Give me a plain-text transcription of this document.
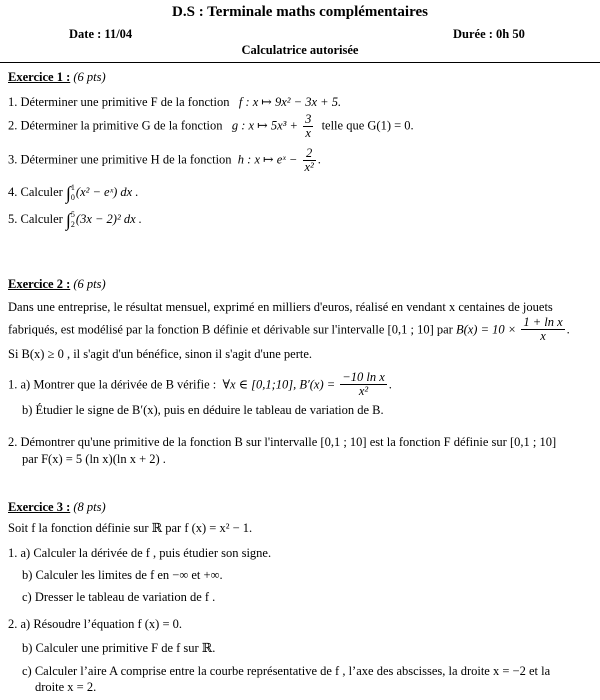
D.S : Terminale maths complémentaires
Date : 11/04	Durée : 0h 50
Calculatrice autorisée
Exercice 1 : (6 pts)
1. Déterminer une primitive F de la fonction f : x ↦ 9x² − 3x + 5.
2. Déterminer la primitive G de la fonction g : x ↦ $5x^3 + \frac{3}{x}$ telle que G(1) = 0.
3. Déterminer une primitive H de la fonction h : x ↦ eˣ − $\frac{2}{\text{x²}}$ .
4. Calculer ∫ 1
0 (x² − eˣ) dx .
5. Calculer ∫ 5
2 (3x − 2)² dx .
Exercice 2 : (6 pts)
Dans une entreprise, le résultat mensuel, exprimé en milliers d'euros, réalisé en vendant x centaines de jouets
fabriqués, est modélisé par la fonction B définie et dérivable sur l'intervalle [0,1 ; 10] par $B(x) = 10 \times \frac{\text{1 + ln x}}{x}$ .
Si B(x) ≥ 0 , il s'agit d'un bénéfice, sinon il s'agit d'une perte.
1. a) Montrer que la dérivée de B vérifie : ∀x ∈ [0,1;10], $B'(x) = \frac{\text{−10 ln x}}{\text{x²}}$ .
b) Étudier le signe de B′(x), puis en déduire le tableau de variation de B.
2. Démontrer qu'une primitive de la fonction B sur l'intervalle [0,1 ; 10] est la fonction F définie sur [0,1 ; 10]
par F(x) = 5 (ln x)(ln x + 2) .
Exercice 3 : (8 pts)
Soit f la fonction définie sur ℝ par f (x) = x² − 1.
1. a) Calculer la dérivée de f , puis étudier son signe.
b) Calculer les limites de f en −∞ et +∞.
c) Dresser le tableau de variation de f .
2. a) Résoudre l’équation f (x) = 0.
b) Calculer une primitive F de f sur ℝ.
c) Calculer l’aire A comprise entre la courbe représentative de f , l’axe des abscisses, la droite x = −2 et la
droite x = 2.
